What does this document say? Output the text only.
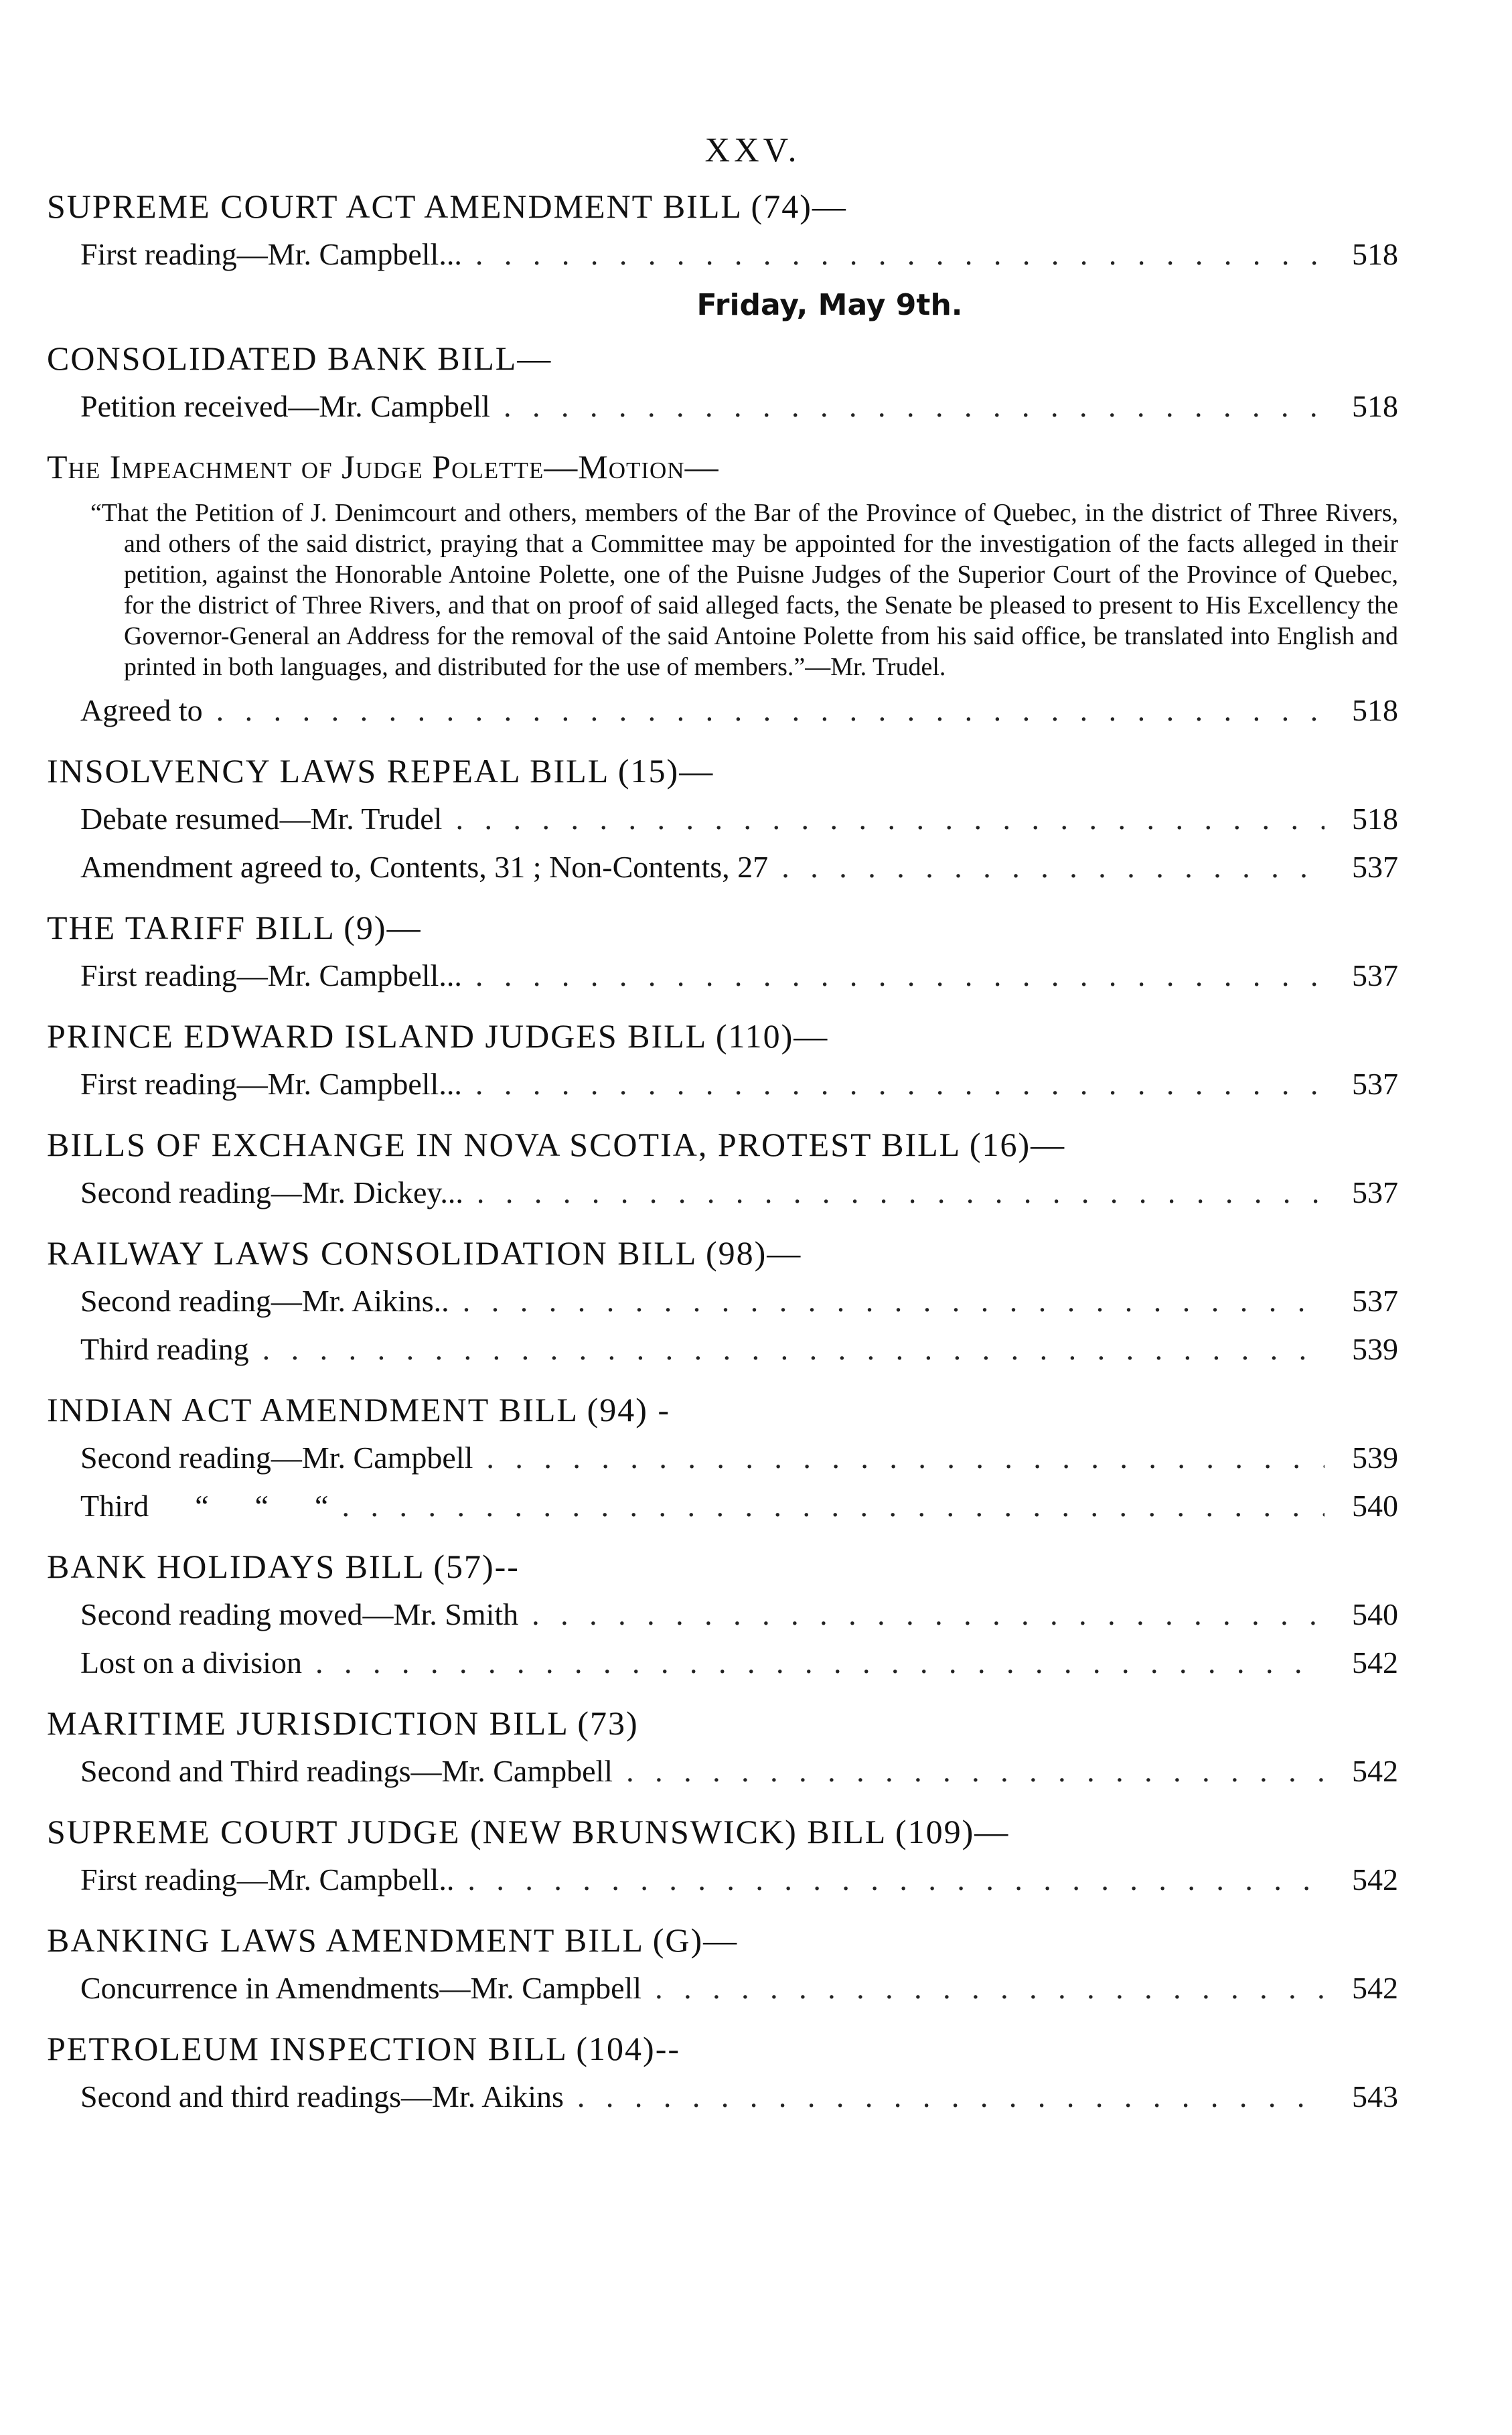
XXV.
SUPREME COURT ACT AMENDMENT BILL (74)—
First reading—Mr. Campbell... . . .	518
Friday, May 9th.
CONSOLIDATED BANK BILL—
Petition received—Mr. Campbell . . .	518
The Impeachment of Judge Polette—Motion—
“That the Petition of J. Denimcourt and others, members of the Bar of the Province of Quebec, in the district of Three Rivers, and others of the said district, praying that a Committee may be appointed for the investigation of the facts alleged in their petition, against the Honorable Antoine Polette, one of the Puisne Judges of the Superior Court of the Province of Quebec, for the district of Three Rivers, and that on proof of said alleged facts, the Senate be pleased to present to His Excellency the Governor-General an Address for the removal of the said Antoine Polette from his said office, be translated into English and printed in both languages, and distributed for the use of members.”—Mr. Trudel.
Agreed to . . .	518
INSOLVENCY LAWS REPEAL BILL (15)—
Debate resumed—Mr. Trudel . . .	518
Amendment agreed to, Contents, 31 ; Non-Contents, 27 . . .	537
THE TARIFF BILL (9)—
First reading—Mr. Campbell... . . .	537
PRINCE EDWARD ISLAND JUDGES BILL (110)—
First reading—Mr. Campbell... . . .	537
BILLS OF EXCHANGE IN NOVA SCOTIA, PROTEST BILL (16)—
Second reading—Mr. Dickey... . . .	537
RAILWAY LAWS CONSOLIDATION BILL (98)—
Second reading—Mr. Aikins.. . . .	537
Third reading . . .	539
INDIAN ACT AMENDMENT BILL (94) -
Second reading—Mr. Campbell . . .	539
Third      “      “      “ . . .	540
BANK HOLIDAYS BILL (57)--
Second reading moved—Mr. Smith . . .	540
Lost on a division . . .	542
MARITIME JURISDICTION BILL (73)
Second and Third readings—Mr. Campbell . . .	542
SUPREME COURT JUDGE (NEW BRUNSWICK) BILL (109)—
First reading—Mr. Campbell.. . . .	542
BANKING LAWS AMENDMENT BILL (G)—
Concurrence in Amendments—Mr. Campbell . . .	542
PETROLEUM INSPECTION BILL (104)--
Second and third readings—Mr. Aikins . . .	543
